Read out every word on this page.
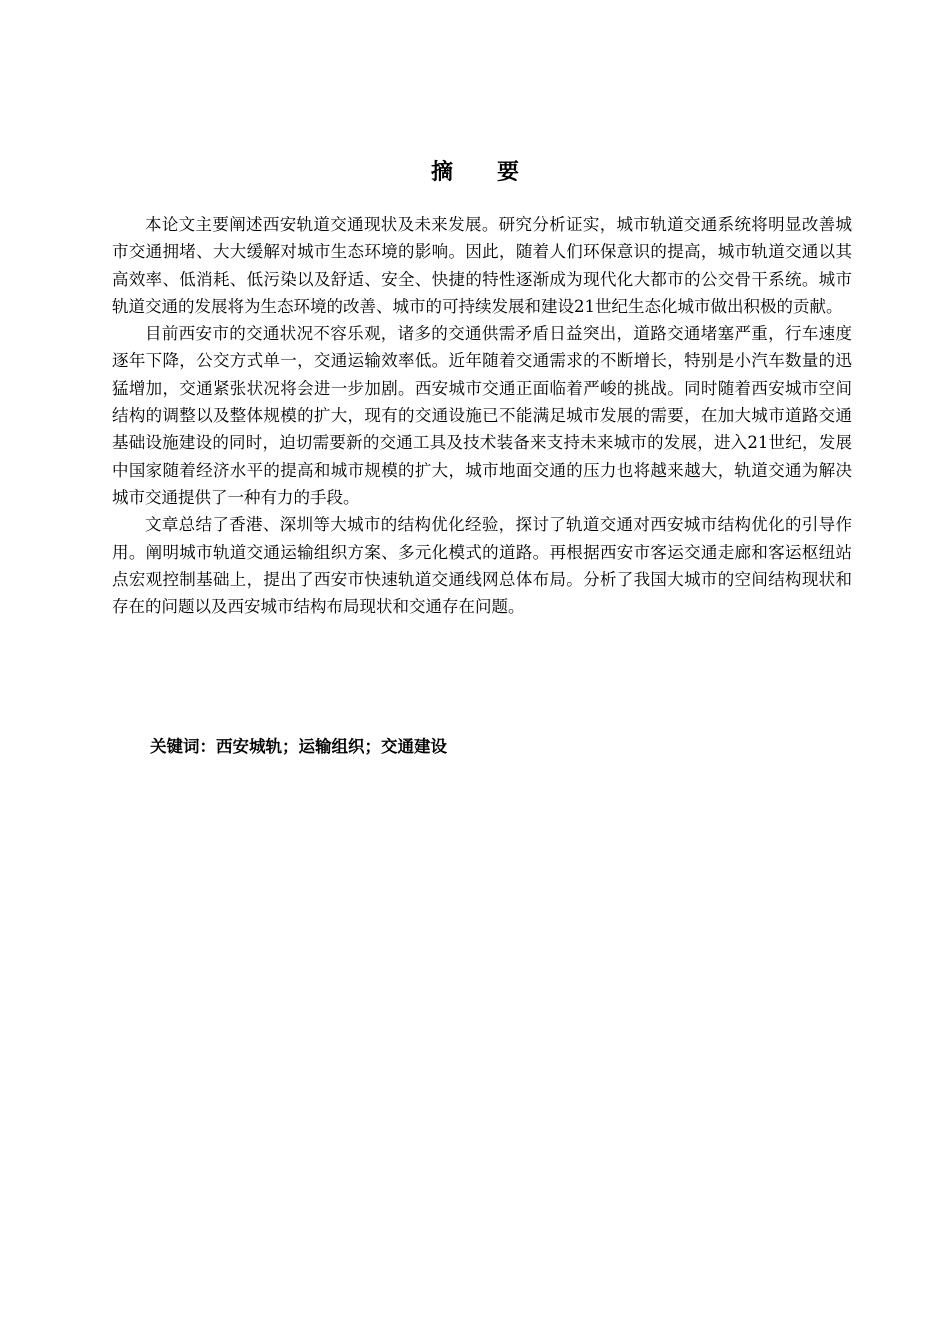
摘 要

本论文主要阐述西安轨道交通现状及未来发展。研究分析证实，城市轨道交通系统将明显改善城市交通拥堵、大大缓解对城市生态环境的影响。因此，随着人们环保意识的提高，城市轨道交通以其高效率、低消耗、低污染以及舒适、安全、快捷的特性逐渐成为现代化大都市的公交骨干系统。城市轨道交通的发展将为生态环境的改善、城市的可持续发展和建设21世纪生态化城市做出积极的贡献。

目前西安市的交通状况不容乐观，诸多的交通供需矛盾日益突出，道路交通堵塞严重，行车速度逐年下降，公交方式单一，交通运输效率低。近年随着交通需求的不断增长，特别是小汽车数量的迅猛增加，交通紧张状况将会进一步加剧。西安城市交通正面临着严峻的挑战。同时随着西安城市空间结构的调整以及整体规模的扩大，现有的交通设施已不能满足城市发展的需要，在加大城市道路交通基础设施建设的同时，迫切需要新的交通工具及技术装备来支持未来城市的发展，进入21世纪，发展中国家随着经济水平的提高和城市规模的扩大，城市地面交通的压力也将越来越大，轨道交通为解决城市交通提供了一种有力的手段。

文章总结了香港、深圳等大城市的结构优化经验，探讨了轨道交通对西安城市结构优化的引导作用。阐明城市轨道交通运输组织方案、多元化模式的道路。再根据西安市客运交通走廊和客运枢纽站点宏观控制基础上，提出了西安市快速轨道交通线网总体布局。分析了我国大城市的空间结构现状和存在的问题以及西安城市结构布局现状和交通存在问题。

关键词：西安城轨；运输组织；交通建设
